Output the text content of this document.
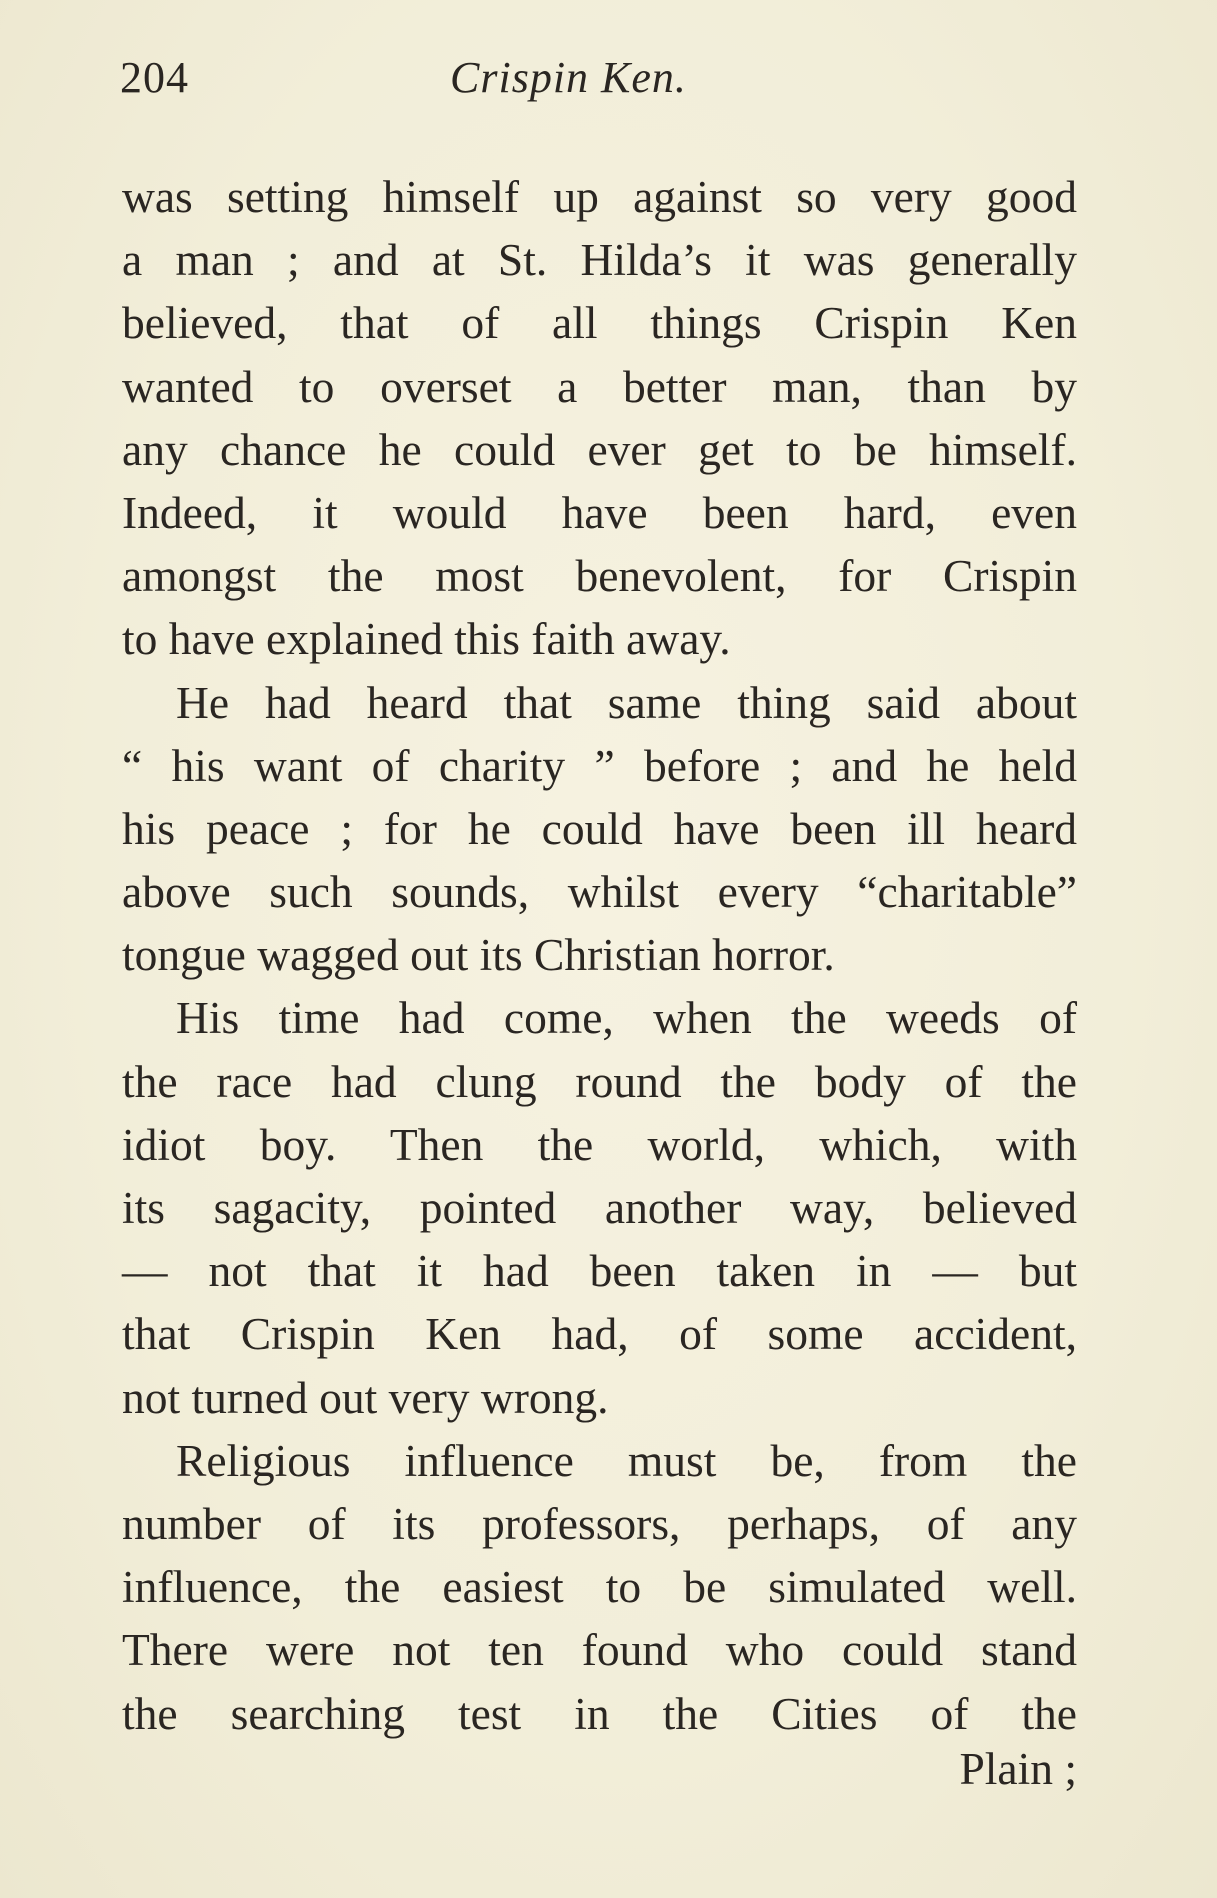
204	Crispin Ken.
was setting himself up against so very good
a man ; and at St. Hilda’s it was generally
believed, that of all things Crispin Ken
wanted to overset a better man, than by
any chance he could ever get to be himself.
Indeed, it would have been hard, even
amongst the most benevolent, for Crispin
to have explained this faith away.
He had heard that same thing said about
“ his want of charity ” before ; and he held
his peace ; for he could have been ill heard
above such sounds, whilst every “charitable”
tongue wagged out its Christian horror.
His time had come, when the weeds of
the race had clung round the body of the
idiot boy. Then the world, which, with
its sagacity, pointed another way, believed
— not that it had been taken in — but
that Crispin Ken had, of some accident,
not turned out very wrong.
Religious influence must be, from the
number of its professors, perhaps, of any
influence, the easiest to be simulated well.
There were not ten found who could stand
the searching test in the Cities of the
Plain ;
